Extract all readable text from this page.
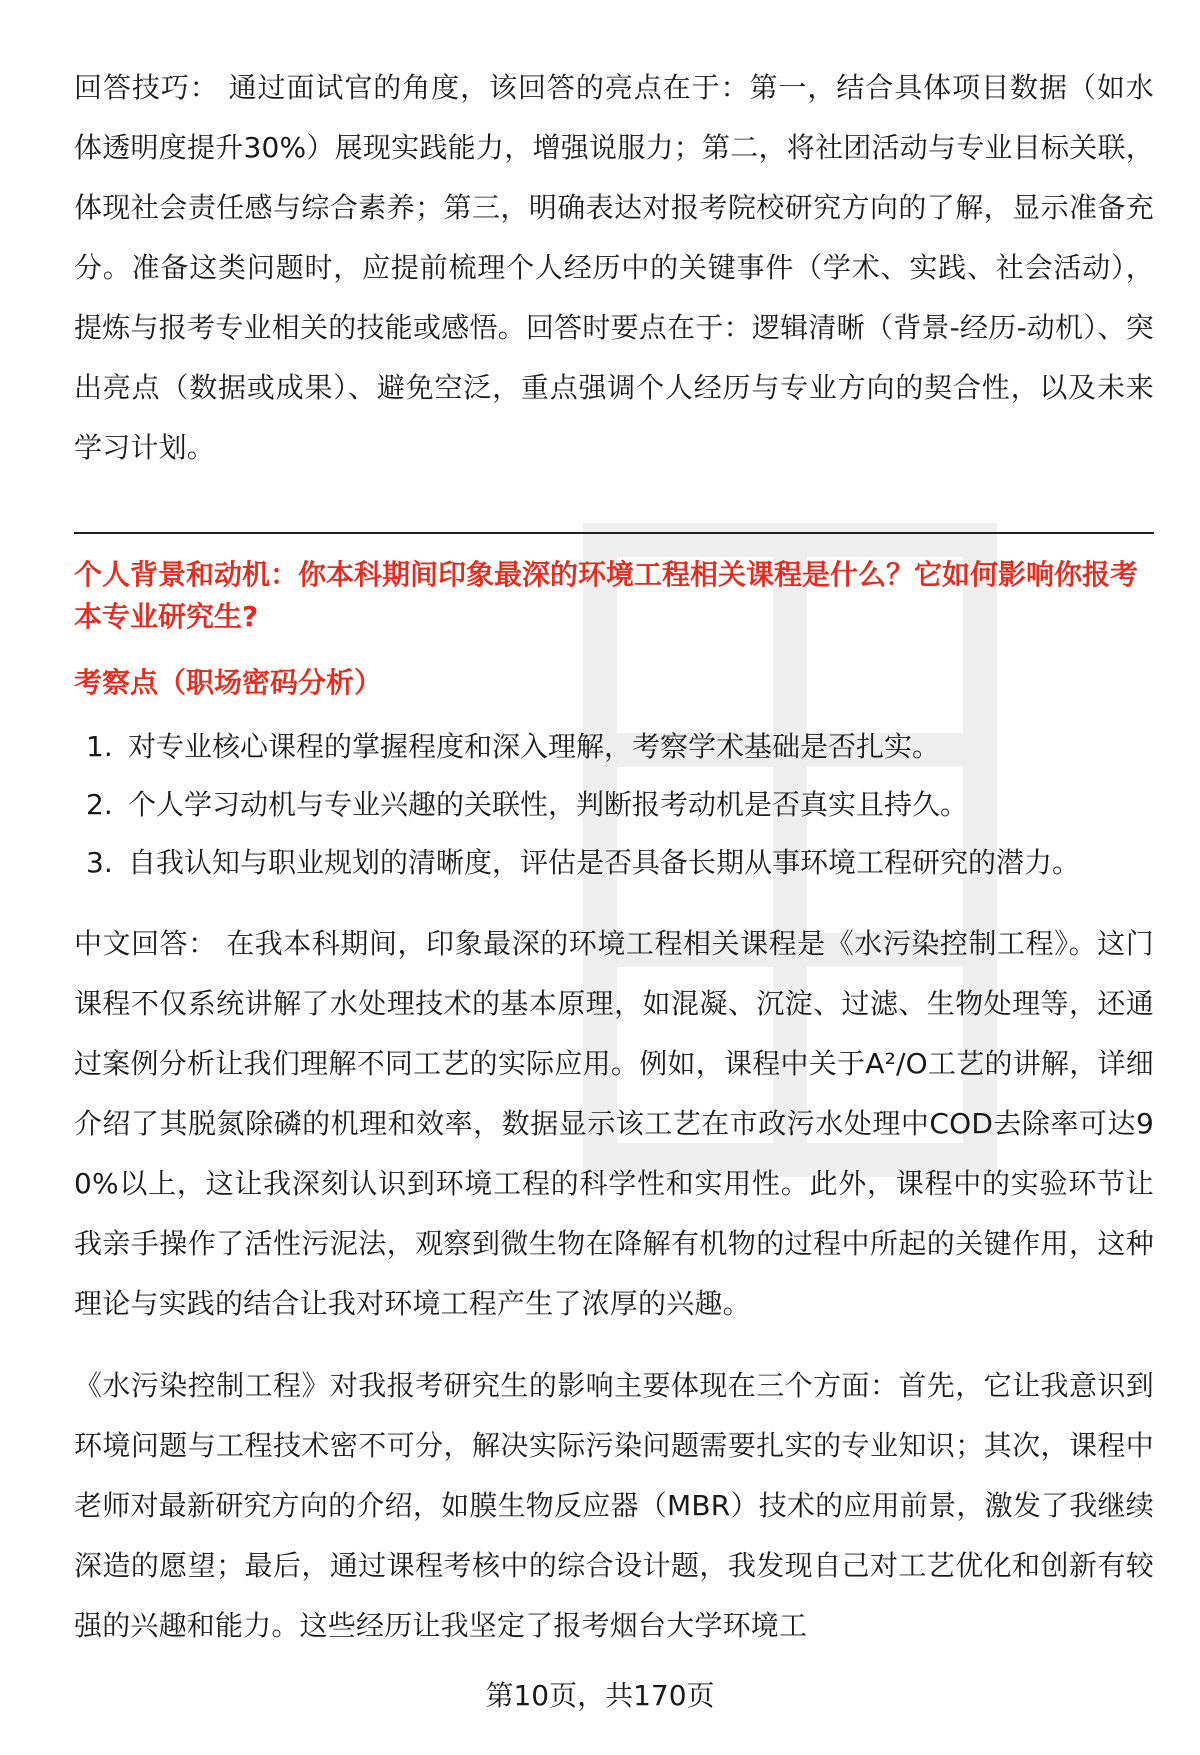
回答技巧： 通过面试官的角度，该回答的亮点在于：第一，结合具体项目数据（如水体透明度提升30%）展现实践能力，增强说服力；第二，将社团活动与专业目标关联，体现社会责任感与综合素养；第三，明确表达对报考院校研究方向的了解，显示准备充分。准备这类问题时，应提前梳理个人经历中的关键事件（学术、实践、社会活动），提炼与报考专业相关的技能或感悟。回答时要点在于：逻辑清晰（背景-经历-动机）、突出亮点（数据或成果）、避免空泛，重点强调个人经历与专业方向的契合性，以及未来学习计划。

个人背景和动机：你本科期间印象最深的环境工程相关课程是什么？它如何影响你报考本专业研究生?

考察点（职场密码分析）

1. 对专业核心课程的掌握程度和深入理解，考察学术基础是否扎实。
2. 个人学习动机与专业兴趣的关联性，判断报考动机是否真实且持久。
3. 自我认知与职业规划的清晰度，评估是否具备长期从事环境工程研究的潜力。

中文回答： 在我本科期间，印象最深的环境工程相关课程是《水污染控制工程》。这门课程不仅系统讲解了水处理技术的基本原理，如混凝、沉淀、过滤、生物处理等，还通过案例分析让我们理解不同工艺的实际应用。例如，课程中关于A²/O工艺的讲解，详细介绍了其脱氮除磷的机理和效率，数据显示该工艺在市政污水处理中COD去除率可达90%以上，这让我深刻认识到环境工程的科学性和实用性。此外，课程中的实验环节让我亲手操作了活性污泥法，观察到微生物在降解有机物的过程中所起的关键作用，这种理论与实践的结合让我对环境工程产生了浓厚的兴趣。

《水污染控制工程》对我报考研究生的影响主要体现在三个方面：首先，它让我意识到环境问题与工程技术密不可分，解决实际污染问题需要扎实的专业知识；其次，课程中老师对最新研究方向的介绍，如膜生物反应器（MBR）技术的应用前景，激发了我继续深造的愿望；最后，通过课程考核中的综合设计题，我发现自己对工艺优化和创新有较强的兴趣和能力。这些经历让我坚定了报考烟台大学环境工

第10页，共170页
